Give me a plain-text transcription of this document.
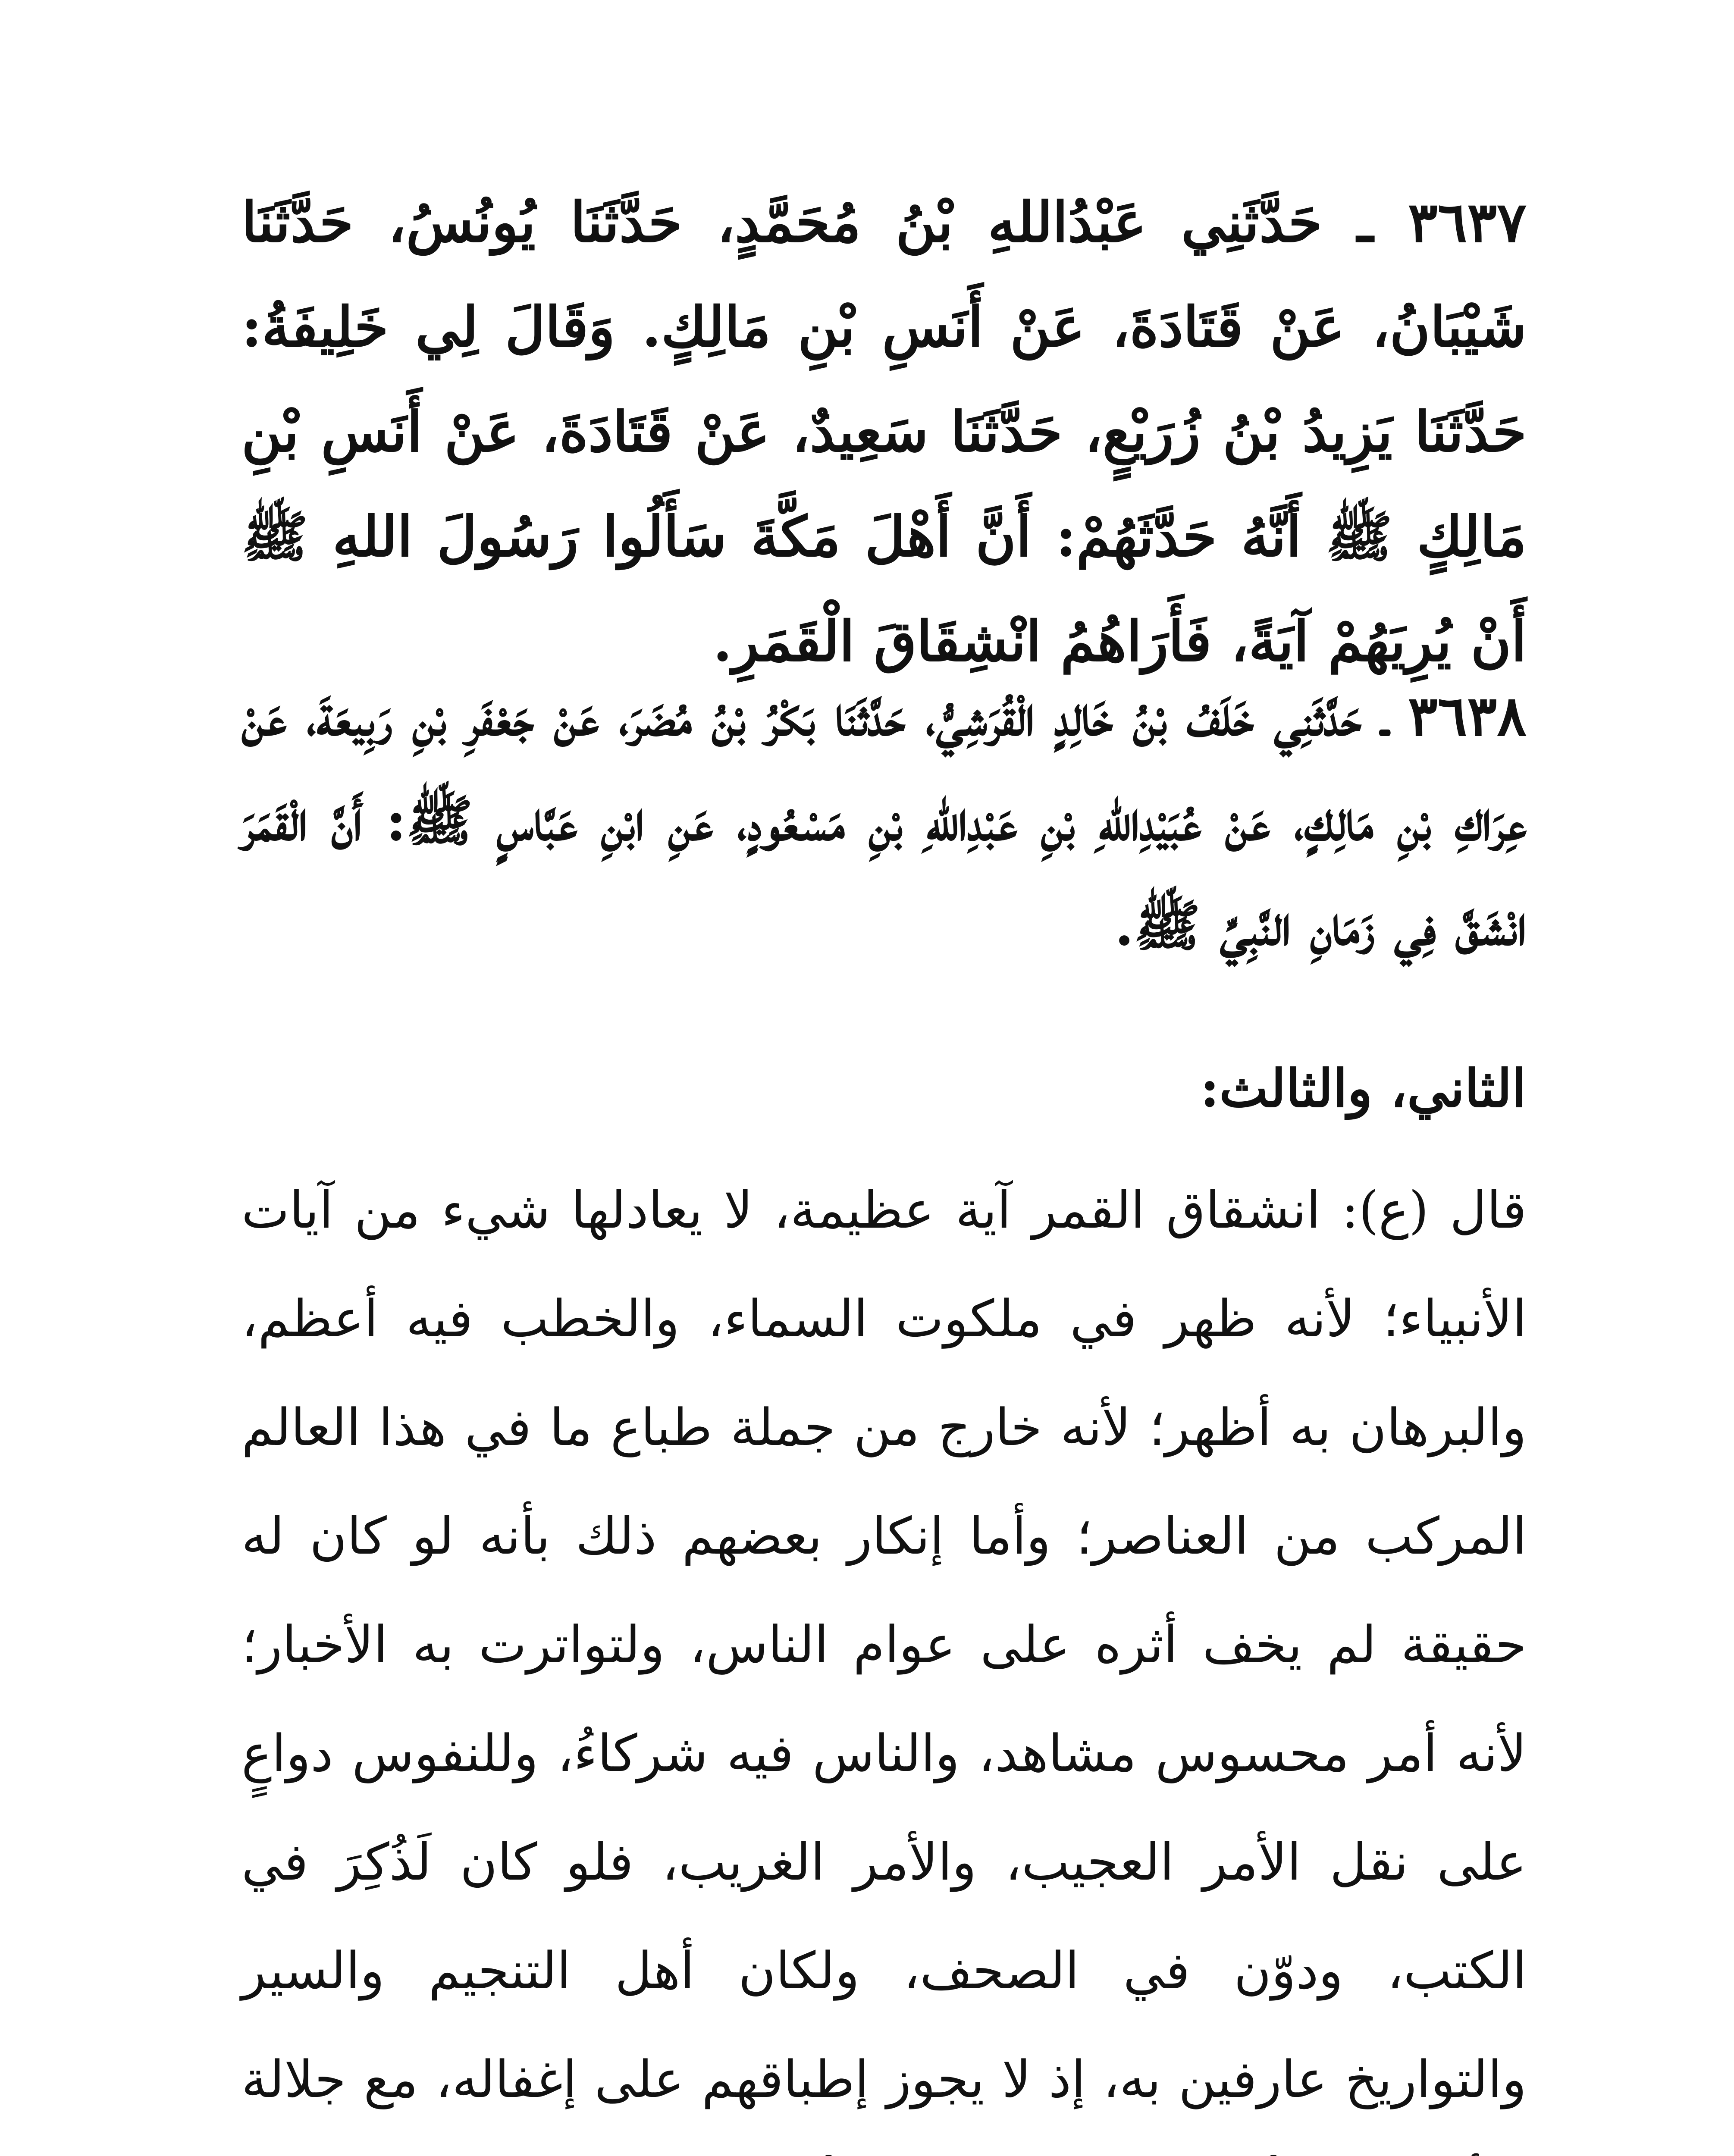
٣٦٣٧ ـ حَدَّثَنِي عَبْدُاللهِ بْنُ مُحَمَّدٍ، حَدَّثَنَا يُونُسُ، حَدَّثَنَا شَيْبَانُ، عَنْ قَتَادَةَ، عَنْ أَنَسِ بْنِ مَالِكٍ. وَقَالَ لِي خَلِيفَةُ: حَدَّثَنَا يَزِيدُ بْنُ زُرَيْعٍ، حَدَّثَنَا سَعِيدٌ، عَنْ قَتَادَةَ، عَنْ أَنَسِ بْنِ مَالِكٍ ﷺ أَنَّهُ حَدَّثَهُمْ: أَنَّ أَهْلَ مَكَّةَ سَأَلُوا رَسُولَ اللهِ ﷺ أَنْ يُرِيَهُمْ آيَةً، فَأَرَاهُمُ انْشِقَاقَ الْقَمَرِ.
٣٦٣٨ ـ حَدَّثَنِي خَلَفُ بْنُ خَالِدٍ الْقُرَشِيُّ، حَدَّثَنَا بَكْرُ بْنُ مُضَرَ، عَنْ جَعْفَرِ بْنِ رَبِيعَةَ، عَنْ عِرَاكِ بْنِ مَالِكٍ، عَنْ عُبَيْدِاللهِ بْنِ عَبْدِاللهِ بْنِ مَسْعُودٍ، عَنِ ابْنِ عَبَّاسٍ ﷺ: أَنَّ الْقَمَرَ انْشَقَّ فِي زَمَانِ النَّبِيِّ ﷺ.
الثاني، والثالث:
قال (ع): انشقاق القمر آية عظيمة، لا يعادلها شيء من آيات الأنبياء؛ لأنه ظهر في ملكوت السماء، والخطب فيه أعظم، والبرهان به أظهر؛ لأنه خارج من جملة طباع ما في هذا العالم المركب من العناصر؛ وأما إنكار بعضهم ذلك بأنه لو كان له حقيقة لم يخف أثره على عوام الناس، ولتواترت به الأخبار؛ لأنه أمر محسوس مشاهد، والناس فيه شركاءُ، وللنفوس دواعٍ على نقل الأمر العجيب، والأمر الغريب، فلو كان لَذُكِرَ في الكتب، ودوّن في الصحف، ولكان أهل التنجيم والسير والتواريخ عارفين به، إذ لا يجوز إطباقهم على إغفاله، مع جلالة
